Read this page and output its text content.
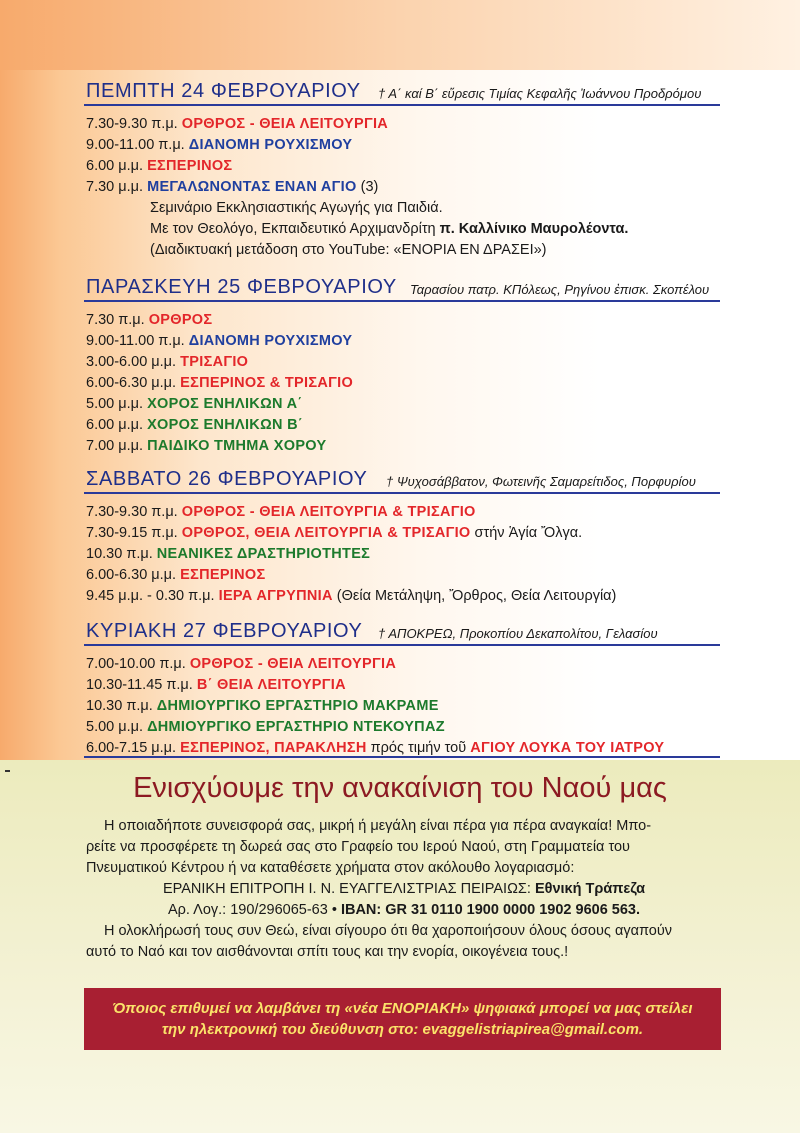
ΠΕΜΠΤΗ 24 ΦΕΒΡΟΥΑΡΙΟΥ † Α΄ καί Β΄ εὕρεσις Τιμίας Κεφαλῆς Ἰωάννου Προδρόμου
7.30-9.30 π.μ. ΟΡΘΡΟΣ - ΘΕΙΑ ΛΕΙΤΟΥΡΓΙΑ
9.00-11.00 π.μ. ΔΙΑΝΟΜΗ ΡΟΥΧΙΣΜΟΥ
6.00 μ.μ. ΕΣΠΕΡΙΝΟΣ
7.30 μ.μ. ΜΕΓΑΛΩΝΟΝΤΑΣ ΕΝΑΝ ΑΓΙΟ (3)
Σεμινάριο Εκκλησιαστικής Αγωγής για Παιδιά.
Με τον Θεολόγο, Εκπαιδευτικό Αρχιμανδρίτη π. Καλλίνικο Μαυρολέοντα.
(Διαδικτυακή μετάδοση στο YouTube: «ΕΝΟΡΙΑ ΕΝ ΔΡΑΣΕΙ»)
ΠΑΡΑΣΚΕΥΗ 25 ΦΕΒΡΟΥΑΡΙΟΥ Ταρασίου πατρ. ΚΠόλεως, Ρηγίνου ἐπισκ. Σκοπέλου
7.30 π.μ. ΟΡΘΡΟΣ
9.00-11.00 π.μ. ΔΙΑΝΟΜΗ ΡΟΥΧΙΣΜΟΥ
3.00-6.00 μ.μ. ΤΡΙΣΑΓΙΟ
6.00-6.30 μ.μ. ΕΣΠΕΡΙΝΟΣ & ΤΡΙΣΑΓΙΟ
5.00 μ.μ. ΧΟΡΟΣ ΕΝΗΛΙΚΩΝ Α΄
6.00 μ.μ. ΧΟΡΟΣ ΕΝΗΛΙΚΩΝ Β΄
7.00 μ.μ. ΠΑΙΔΙΚΟ ΤΜΗΜΑ ΧΟΡΟΥ
ΣΑΒΒΑΤΟ 26 ΦΕΒΡΟΥΑΡΙΟΥ † Ψυχοσάββατον, Φωτεινῆς Σαμαρείτιδος, Πορφυρίου
7.30-9.30 π.μ. ΟΡΘΡΟΣ - ΘΕΙΑ ΛΕΙΤΟΥΡΓΙΑ & ΤΡΙΣΑΓΙΟ
7.30-9.15 π.μ. ΟΡΘΡΟΣ, ΘΕΙΑ ΛΕΙΤΟΥΡΓΙΑ & ΤΡΙΣΑΓΙΟ στήν Ἁγία Ὄλγα.
10.30 π.μ. ΝΕΑΝΙΚΕΣ ΔΡΑΣΤΗΡΙΟΤΗΤΕΣ
6.00-6.30 μ.μ. ΕΣΠΕΡΙΝΟΣ
9.45 μ.μ. - 0.30 π.μ. ΙΕΡΑ ΑΓΡΥΠΝΙΑ (Θεία Μετάληψη, Ὄρθρος, Θεία Λειτουργία)
ΚΥΡΙΑΚΗ 27 ΦΕΒΡΟΥΑΡΙΟΥ † ΑΠΟΚΡΕΩ, Προκοπίου Δεκαπολίτου, Γελασίου
7.00-10.00 π.μ. ΟΡΘΡΟΣ - ΘΕΙΑ ΛΕΙΤΟΥΡΓΙΑ
10.30-11.45 π.μ. Β΄ ΘΕΙΑ ΛΕΙΤΟΥΡΓΙΑ
10.30 π.μ. ΔΗΜΙΟΥΡΓΙΚΟ ΕΡΓΑΣΤΗΡΙΟ ΜΑΚΡΑΜΕ
5.00 μ.μ. ΔΗΜΙΟΥΡΓΙΚΟ ΕΡΓΑΣΤΗΡΙΟ ΝΤΕΚΟΥΠΑΖ
6.00-7.15 μ.μ. ΕΣΠΕΡΙΝΟΣ, ΠΑΡΑΚΛΗΣΗ πρός τιμήν τοῦ ΑΓΙΟΥ ΛΟΥΚΑ ΤΟΥ ΙΑΤΡΟΥ
Ενισχύουμε την ανακαίνιση του Ναού μας
Η οποιαδήποτε συνεισφορά σας, μικρή ή μεγάλη είναι πέρα για πέρα αναγκαία! Μπο-
ρείτε να προσφέρετε τη δωρεά σας στο Γραφείο του Ιερού Ναού, στη Γραμματεία του
Πνευματικού Κέντρου ή να καταθέσετε χρήματα στον ακόλουθο λογαριασμό:
ΕΡΑΝΙΚΗ ΕΠΙΤΡΟΠΗ Ι. Ν. ΕΥΑΓΓΕΛΙΣΤΡΙΑΣ ΠΕΙΡΑΙΩΣ: Εθνική Τράπεζα
Αρ. Λογ.: 190/296065-63 • IBAN: GR 31 0110 1900 0000 1902 9606 563.
Η ολοκλήρωσή τους συν Θεώ, είναι σίγουρο ότι θα χαροποιήσουν όλους όσους αγαπούν
αυτό το Ναό και τον αισθάνονται σπίτι τους και την ενορία, οικογένεια τους.!
Όποιος επιθυμεί να λαμβάνει τη «νέα ΕΝΟΡΙΑΚΗ» ψηφιακά μπορεί να μας στείλει
την ηλεκτρονική του διεύθυνση στο: evaggelistriapirea@gmail.com.
